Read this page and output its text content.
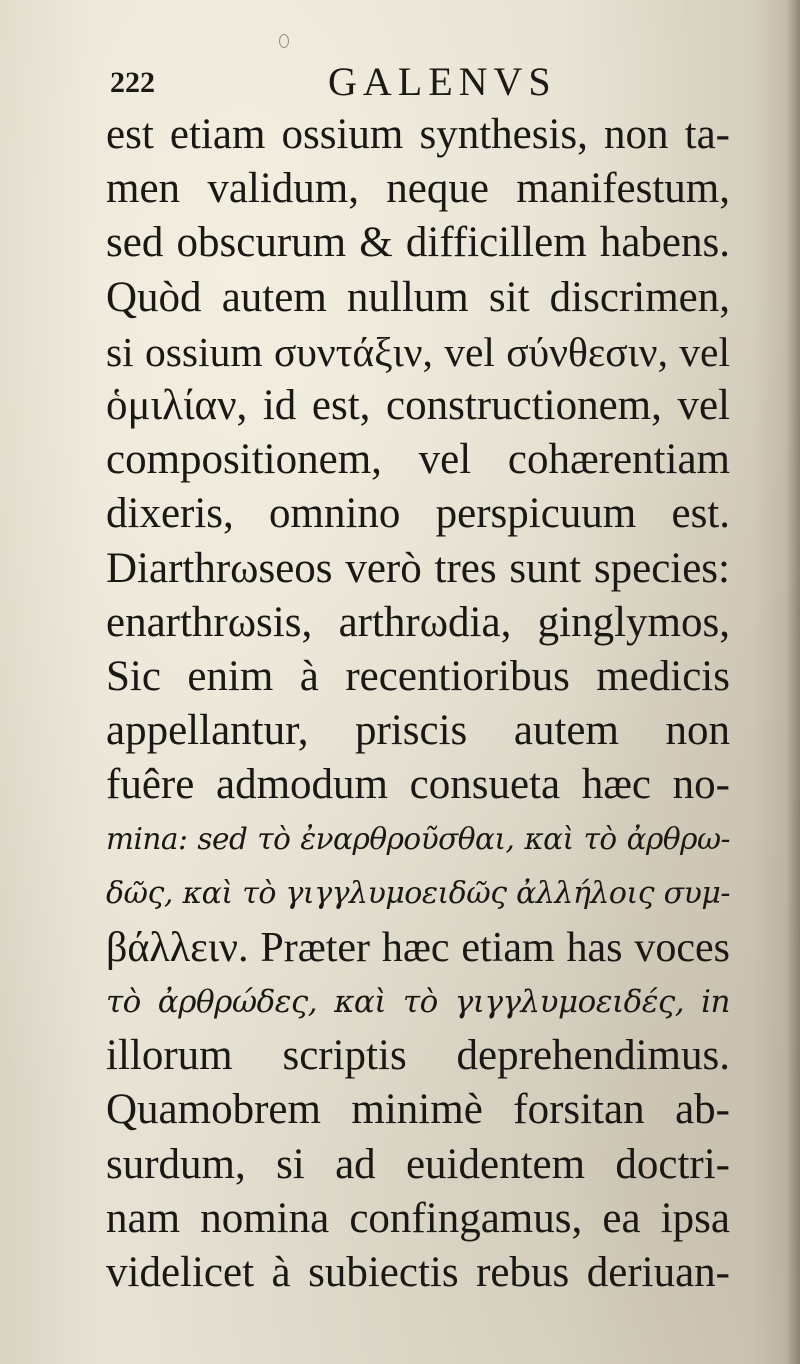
222	GALENVS
est etiam ossium synthesis, non ta-
men validum, neque manifestum,
sed obscurum & difficillem habens.
Quòd autem nullum sit discrimen,
si ossium συντάξιν, vel σύνθεσιν, vel
ὁμιλίαν, id est, constructionem, vel
compositionem, vel cohærentiam
dixeris, omnino perspicuum est.
Diarthrωseos verò tres sunt species:
enarthrωsis, arthrωdia, ginglymos,
Sic enim à recentioribus medicis
appellantur, priscis autem non
fuêre admodum consueta hæc no-
mina: sed τὸ ἐναρθροῦσθαι, καὶ τὸ ἀρθρω-
δῶς, καὶ τὸ γιγγλυμοειδῶς ἀλλήλοις συμ-
βάλλειν. Præter hæc etiam has voces
τὸ ἀρθρώδες, καὶ τὸ γιγγλυμοειδές, in
illorum scriptis deprehendimus.
Quamobrem minimè forsitan ab-
surdum, si ad euidentem doctri-
nam nomina confingamus, ea ipsa
videlicet à subiectis rebus deriuan-
